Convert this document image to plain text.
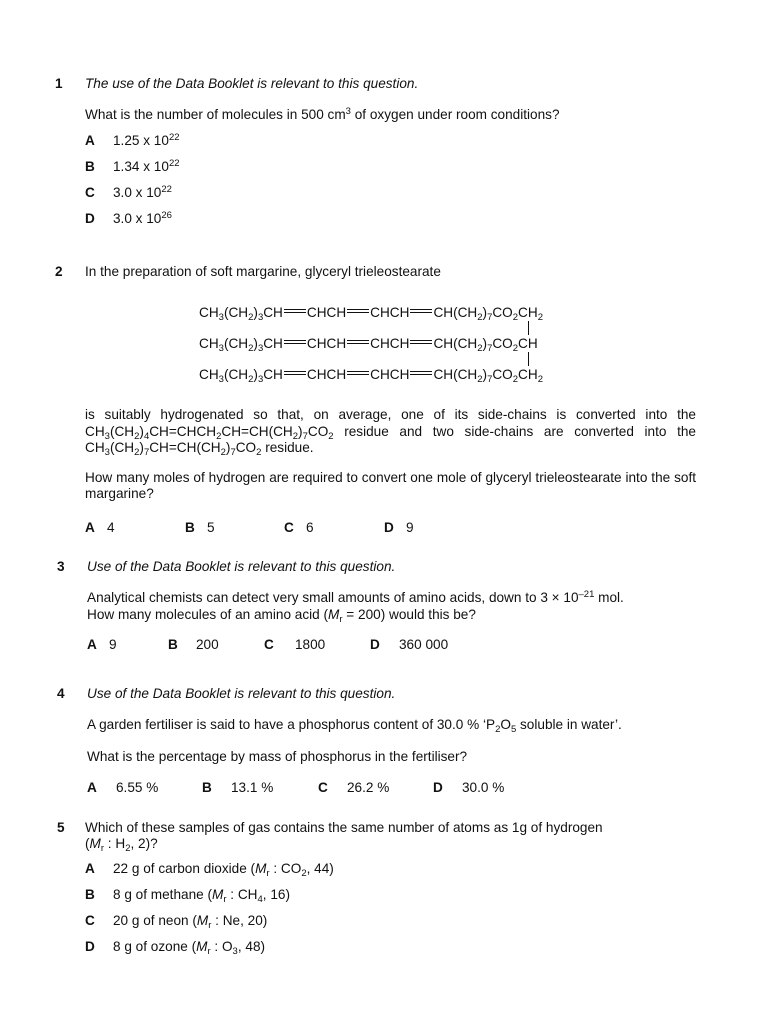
1 The use of the Data Booklet is relevant to this question.
What is the number of molecules in 500 $cm^3$ of oxygen under room conditions?
A 1.25 x $10^{22}$
B 1.34 x $10^{22}$
C 3.0 x $10^{22}$
D 3.0 x $10^{26}$
2 In the preparation of soft margarine, glyceryl trieleostearate
$CH_3(CH_2)_3CH$ CHCH CHCH $CH(CH_2)_7CO_2CH_2$
$CH_3(CH_2)_3CH$ CHCH CHCH $CH(CH_2)_7CO_2CH$
$CH_3(CH_2)_3CH$ CHCH CHCH $CH(CH_2)_7CO_2CH_2$
is suitably hydrogenated so that, on average, one of its side-chains is converted into the $CH_3(CH_2)_4CH=CHCH_2CH=CH(CH_2)_7CO_2$ residue and two side-chains are converted into the $CH_3(CH_2)_7CH=CH(CH_2)_7CO_2$ residue.
How many moles of hydrogen are required to convert one mole of glyceryl trieleostearate into the soft margarine?
A 4	B 5	C 6	D 9
3 Use of the Data Booklet is relevant to this question.
Analytical chemists can detect very small amounts of amino acids, down to $3 \times 10^{-21}$ mol.
How many molecules of an amino acid $(M_r = 200)$ would this be?
A 9	B 200	C 1800	D 360 000
4 Use of the Data Booklet is relevant to this question.
A garden fertiliser is said to have a phosphorus content of 30.0 % ‘$P_2O_5$ soluble in water’.
What is the percentage by mass of phosphorus in the fertiliser?
A 6.55 %	B 13.1 %	C 26.2 %	D 30.0 %
5 Which of these samples of gas contains the same number of atoms as 1g of hydrogen
($M_r$ : $H_2$, 2)?
A 22 g of carbon dioxide ($M_r$ : $CO_2$, 44)
B 8 g of methane ($M_r$ : $CH_4$, 16)
C 20 g of neon ($M_r$ : Ne, 20)
D 8 g of ozone ($M_r$ : $O_3$, 48)
